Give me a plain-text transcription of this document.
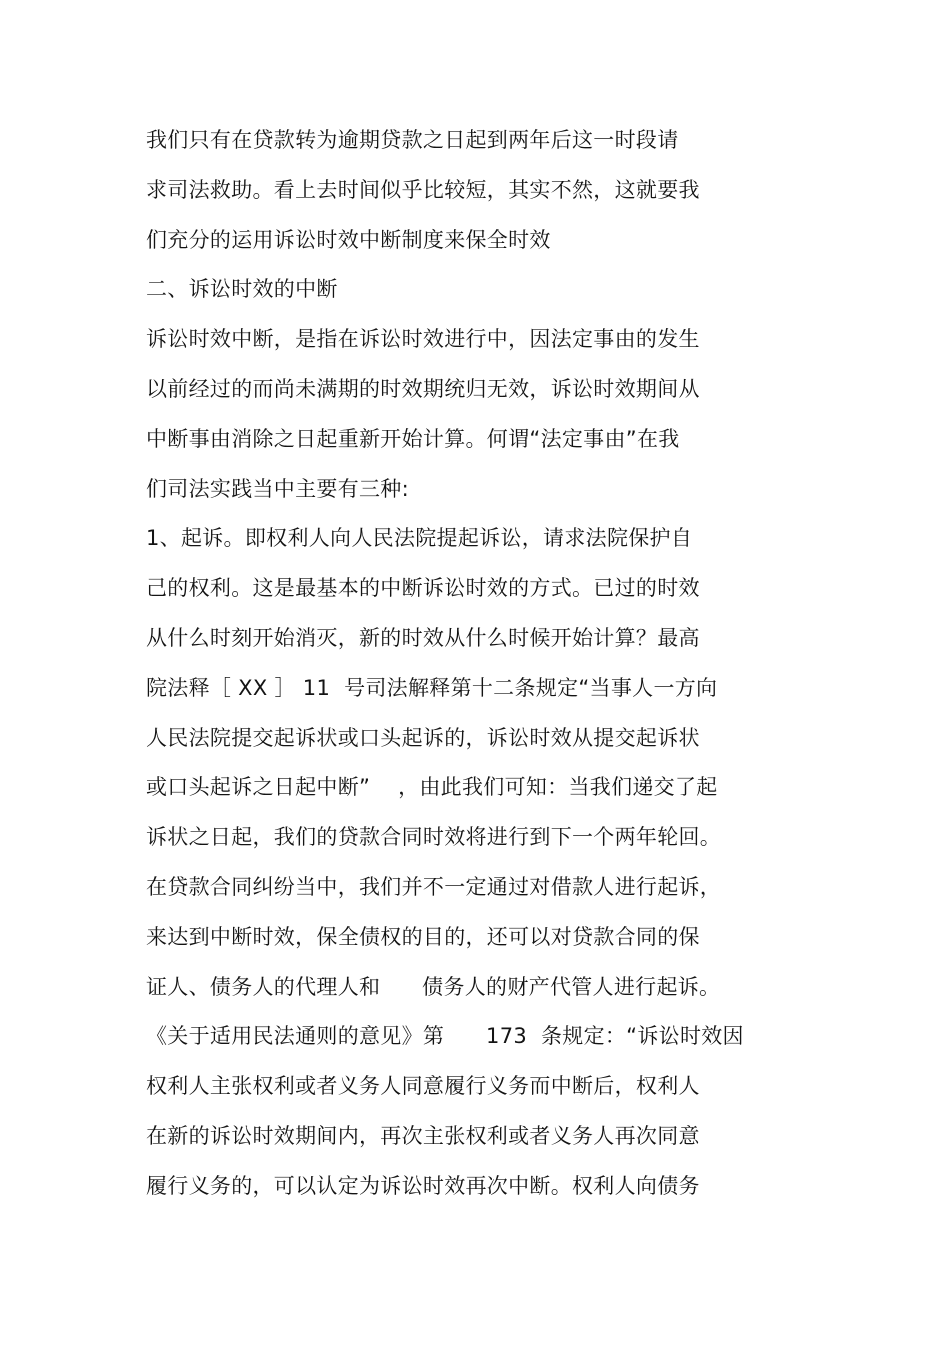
我们只有在贷款转为逾期贷款之日起到两年后这一时段请
求司法救助。看上去时间似乎比较短，其实不然，这就要我
们充分的运用诉讼时效中断制度来保全时效
二、诉讼时效的中断
诉讼时效中断，是指在诉讼时效进行中，因法定事由的发生
以前经过的而尚未满期的时效期统归无效，诉讼时效期间从
中断事由消除之日起重新开始计算。何谓“法定事由”在我
们司法实践当中主要有三种:
1、起诉。即权利人向人民法院提起诉讼，请求法院保护自
己的权利。这是最基本的中断诉讼时效的方式。已过的时效
从什么时刻开始消灭，新的时效从什么时候开始计算？最高
院法释［ XX ］ 11  号司法解释第十二条规定“当事人一方向
人民法院提交起诉状或口头起诉的，诉讼时效从提交起诉状
或口头起诉之日起中断”    ，由此我们可知：当我们递交了起
诉状之日起，我们的贷款合同时效将进行到下一个两年轮回。
在贷款合同纠纷当中，我们并不一定通过对借款人进行起诉，
来达到中断时效，保全债权的目的，还可以对贷款合同的保
证人、债务人的代理人和      债务人的财产代管人进行起诉。
《关于适用民法通则的意见》第      173  条规定：“诉讼时效因
权利人主张权利或者义务人同意履行义务而中断后，权利人
在新的诉讼时效期间内，再次主张权利或者义务人再次同意
履行义务的，可以认定为诉讼时效再次中断。权利人向债务
